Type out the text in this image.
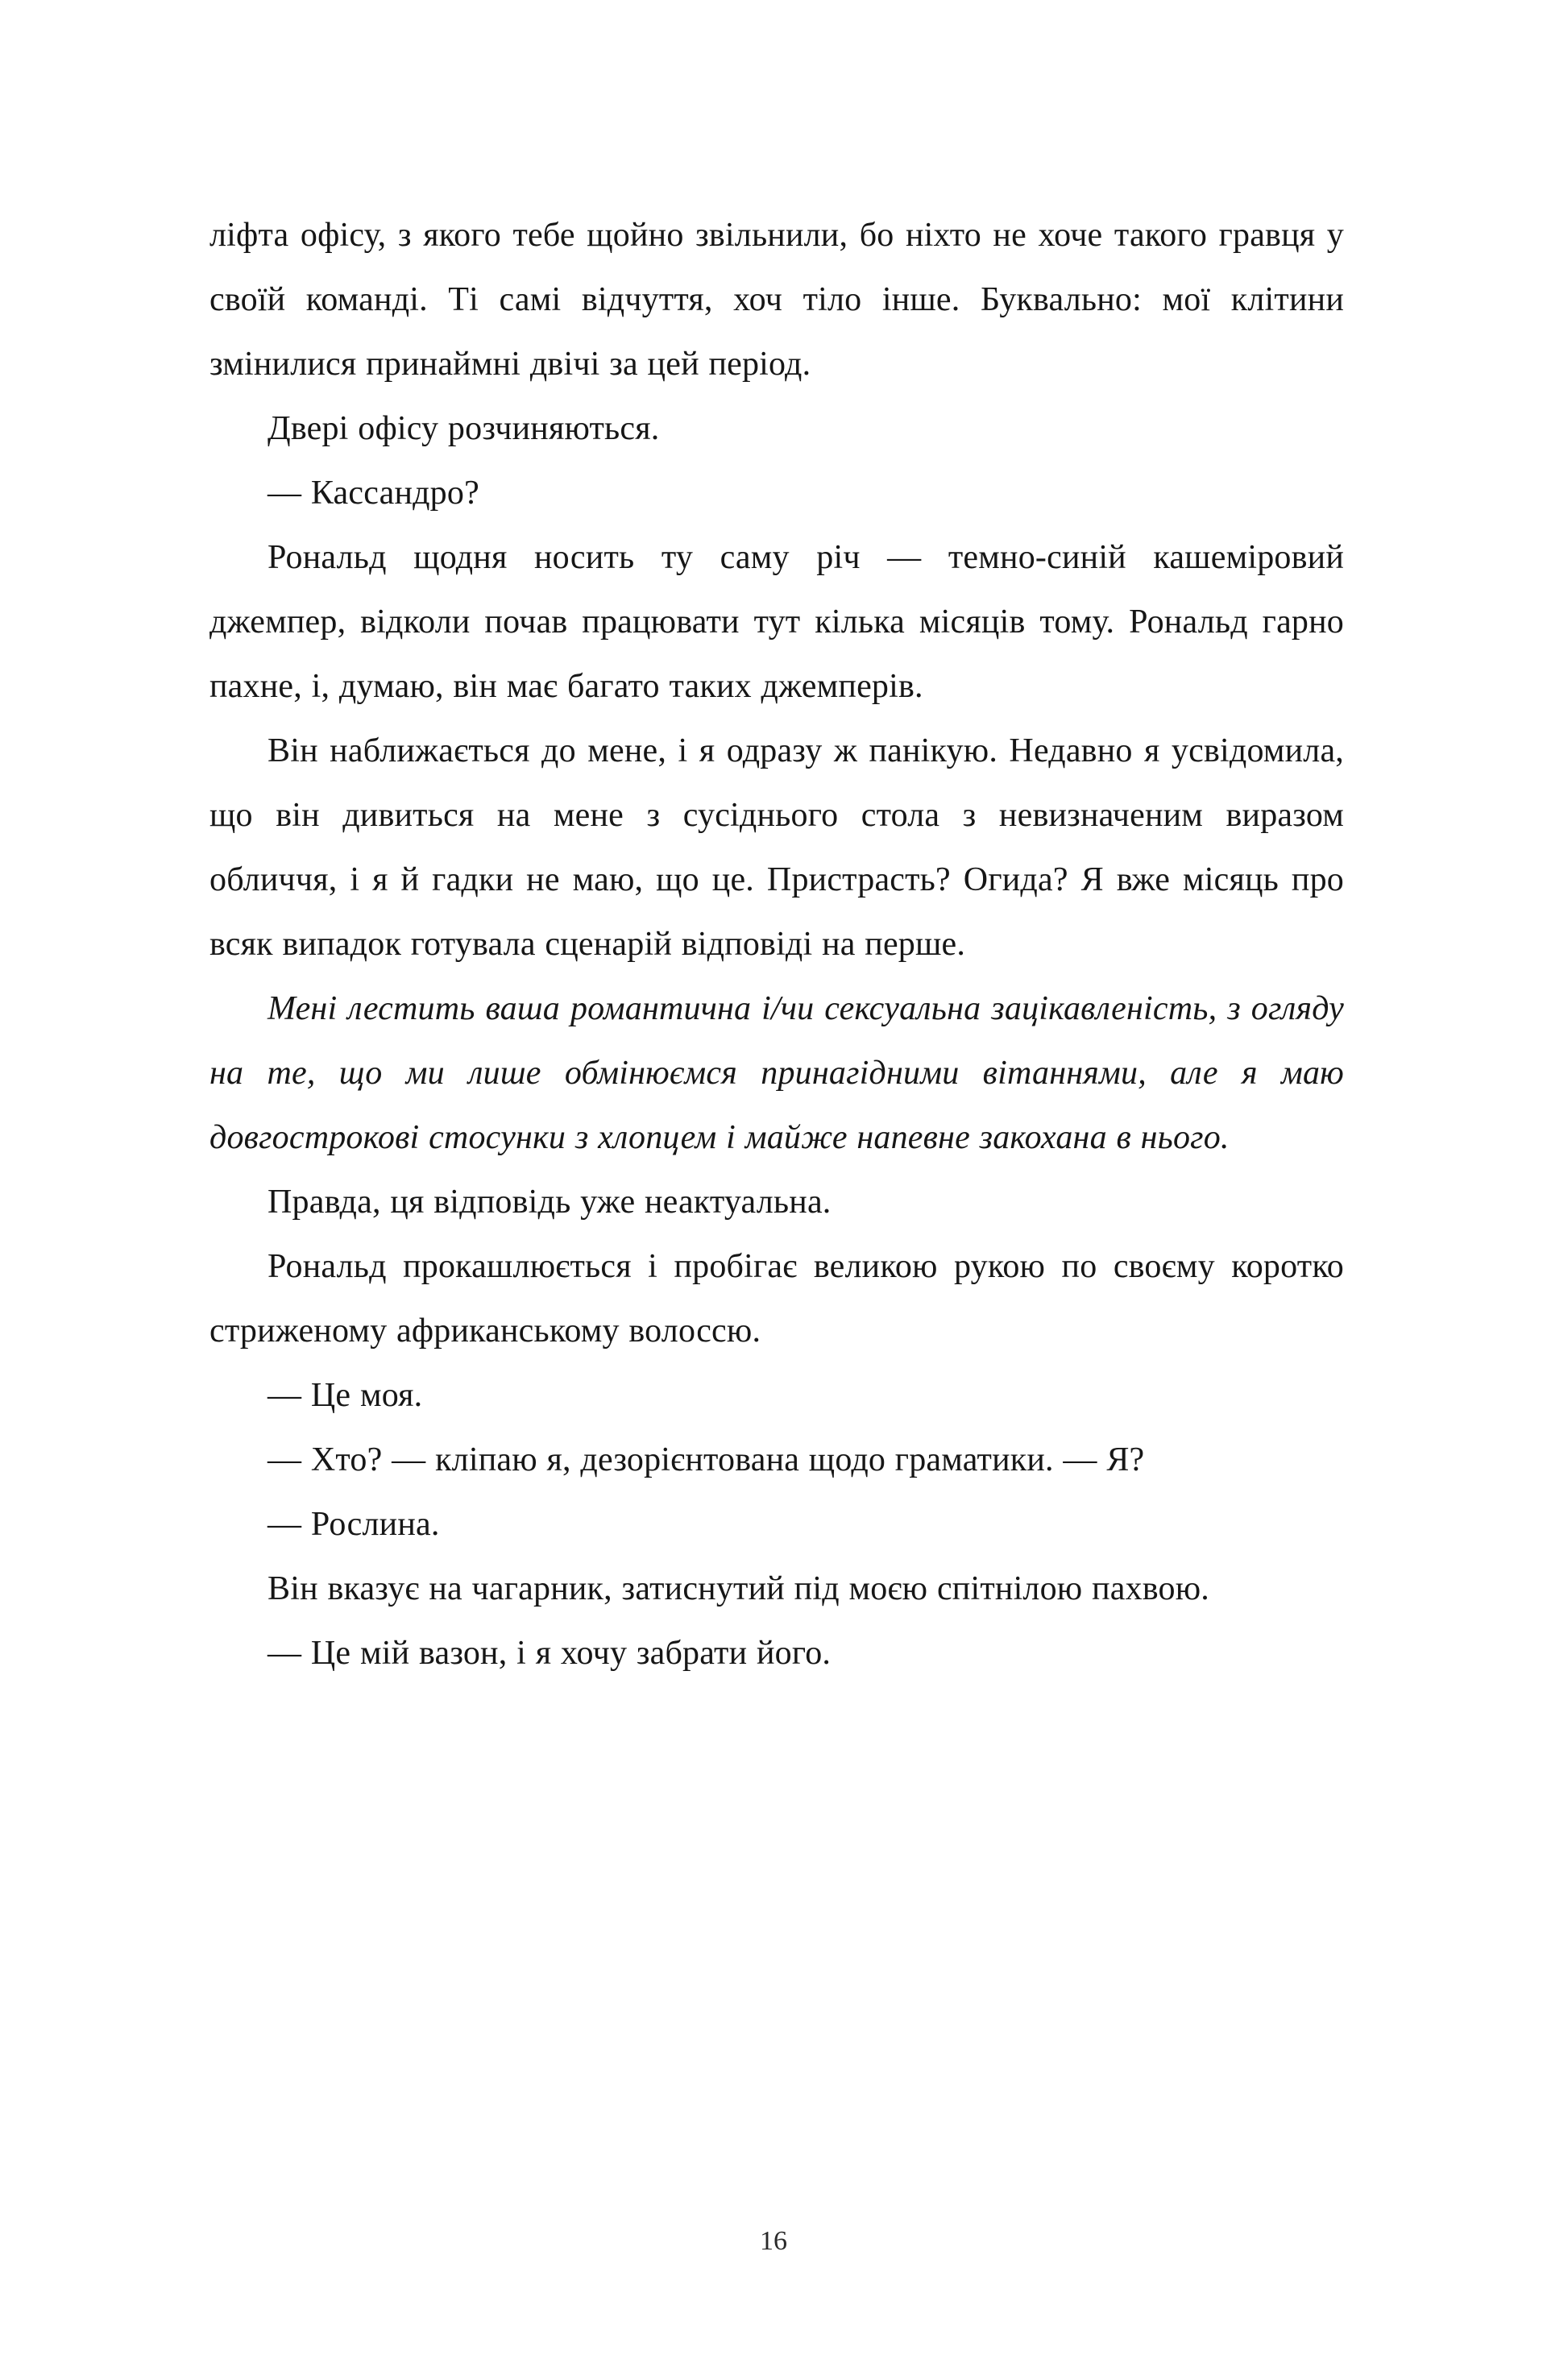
ліфта офісу, з якого тебе щойно звільнили, бо ніхто не хоче такого гравця у своїй команді. Ті самі відчуття, хоч тіло інше. Буквально: мої клітини змінилися принаймні двічі за цей період.

Двері офісу розчиняються.

— Кассандро?

Рональд щодня носить ту саму річ — темно-синій кашеміровий джемпер, відколи почав працювати тут кілька місяців тому. Рональд гарно пахне, і, думаю, він має багато таких джемперів.

Він наближається до мене, і я одразу ж панікую. Недавно я усвідомила, що він дивиться на мене з сусіднього стола з невизначеним виразом обличчя, і я й гадки не маю, що це. Пристрасть? Огида? Я вже місяць про всяк випадок готувала сценарій відповіді на перше.

Мені лестить ваша романтична і/чи сексуальна зацікавленість, з огляду на те, що ми лише обмінюємся принагідними вітаннями, але я маю довгострокові стосунки з хлопцем і майже напевне закохана в нього.

Правда, ця відповідь уже неактуальна.

Рональд прокашлюється і пробігає великою рукою по своєму коротко стриженому африканському волоссю.

— Це моя.

— Хто? — кліпаю я, дезорієнтована щодо граматики. — Я?

— Рослина.

Він вказує на чагарник, затиснутий під моєю спітнілою пахвою.

— Це мій вазон, і я хочу забрати його.

16
